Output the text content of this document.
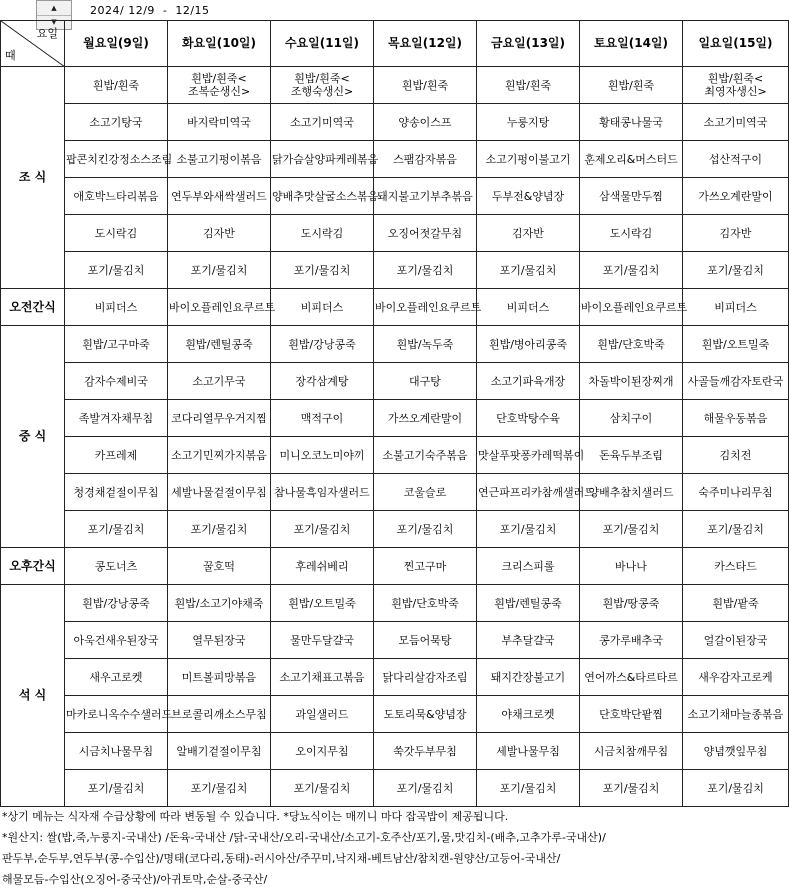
▲
▼
2024/ 12/9  -  12/15
요일
때	월요일(9일)	화요일(10일)	수요일(11일)	목요일(12일)	금요일(13일)	토요일(14일)	일요일(15일)
조 식	흰밥/흰죽	흰밥/흰죽<조복순생신>	흰밥/흰죽<조행숙생신>	흰밥/흰죽	흰밥/흰죽	흰밥/흰죽	흰밥/흰죽<최영자생신>
	소고기탕국	바지락미역국	소고기미역국	양송이스프	누룽지탕	황태콩나물국	소고기미역국
	팝콘치킨강정소스조림	소불고기펑이볶음	닭가슴살양파케레볶음	스팸감자볶음	소고기펑이불고기	훈제오리&머스터드	섭산적구이
	애호박느타리볶음	연두부와새싹샐러드	양배추맛살굴소스볶음	돼지불고기부추볶음	두부전&양념장	삼색물만두찜	가쓰오계란말이
	도시락김	김자반	도시락김	오징어젓갈무침	김자반	도시락김	김자반
	포기/물김치	포기/물김치	포기/물김치	포기/물김치	포기/물김치	포기/물김치	포기/물김치
오전간식	비피더스	바이오플레인요쿠르트	비피더스	바이오플레인요쿠르트	비피더스	바이오플레인요쿠르트	비피더스
중 식	흰밥/고구마죽	흰밥/렌틸콩죽	흰밥/강낭콩죽	흰밥/녹두죽	흰밥/병아리콩죽	흰밥/단호박죽	흰밥/오트밀죽
	감자수제비국	소고기무국	장각삼계탕	대구탕	소고기파육개장	차돌박이된장찌개	사골들깨감자토란국
	족발겨자채무침	코다리열무우거지찜	맥적구이	가쓰오계란말이	단호박탕수육	삼치구이	해물우동볶음
	카프레제	소고기민찌가지볶음	미니오코노미야끼	소불고기숙주볶음	맛살푸팟퐁카레떡볶이	돈육두부조림	김치전
	청경채겉절이무침	세발나물겉절이무침	참나물흑임자샐러드	코울슬로	연근파프리카참깨샐러드	양배추참치샐러드	숙주미나리무침
	포기/물김치	포기/물김치	포기/물김치	포기/물김치	포기/물김치	포기/물김치	포기/물김치
오후간식	콩도너츠	꿀호떡	후레쉬베리	찐고구마	크리스피롤	바나나	카스타드
석 식	흰밥/강낭콩죽	흰밥/소고기야채죽	흰밥/오트밀죽	흰밥/단호박죽	흰밥/렌틸콩죽	흰밥/땅콩죽	흰밥/팥죽
	아욱건새우된장국	열무된장국	물만두달걀국	모듬어묵탕	부추달걀국	콩가루배추국	얼갈이된장국
	새우고로켓	미트볼피망볶음	소고기채표고볶음	닭다리살감자조림	돼지간장불고기	연어까스&타르타르	새우감자고로케
	마카로니옥수수샐러드	브로콜리깨소스무침	과일샐러드	도토리묵&양념장	야채크로켓	단호박단팥찜	소고기채마늘종볶음
	시금치나물무침	알배기겉절이무침	오이지무침	쑥갓두부무침	세발나물무침	시금치참깨무침	양념깻잎무침
	포기/물김치	포기/물김치	포기/물김치	포기/물김치	포기/물김치	포기/물김치	포기/물김치
*상기 메뉴는 식자재 수급상황에 따라 변동될 수 있습니다. *당뇨식이는 매끼니 마다 잡곡밥이 제공됩니다.
*원산지: 쌀(밥,죽,누룽지-국내산) /돈육-국내산 /닭-국내산/오리-국내산/소고기-호주산/포기,물,맛김치-(배추,고추가루-국내산)/
판두부,순두부,연두부(콩-수입산)/명태(코다리,동태)-러시아산/주꾸미,낙지채-베트남산/참치캔-원양산/고등어-국내산/
해물모듬-수입산(오징어-중국산)/아귀토막,순살-중국산/
